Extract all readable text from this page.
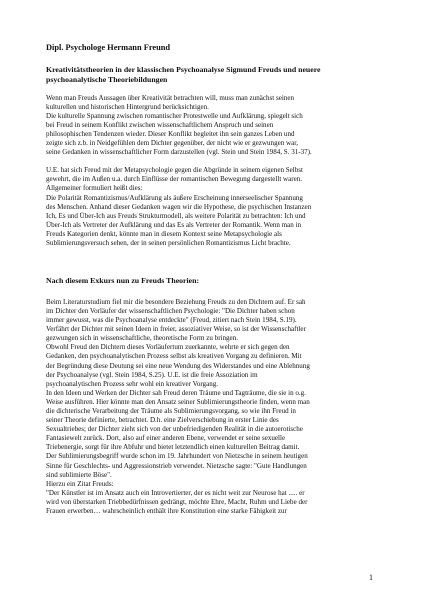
Dipl. Psychologe Hermann Freund
Kreativitätstheorien in der klassischen Psychoanalyse Sigmund Freuds und neuere
psychoanalytische Theoriebildungen
Wenn man Freuds Aussagen über Kreativität betrachten will, muss man zunächst seinen
kulturellen und historischen Hintergrund berücksichtigen.
Die kulturelle Spannung zwischen romantischer Protestwelle und Aufklärung, spiegelt sich
bei Freud in seinem Konflikt zwischen wissenschaftlichem Anspruch und seinen
philosophischen Tendenzen wieder. Dieser Konflikt begleitet ihn sein ganzes Leben und
zeigte sich z.b. in Neidgefühlen dem Dichter gegenüber, der nicht wie er gezwungen war,
seine Gedanken in wissenschaftlicher Form darzustellen (vgl. Stein und Stein 1984, S. 31-37).
U.E. hat sich Freud mit der Metapsychologie gegen die Abgründe in seinem eigenen Selbst
gewehrt, die im Außen u.a. durch Einflüsse der romantischen Bewegung dargestellt waren.
Allgemeiner formuliert heißt dies:
Die Polarität Romantizismus/Aufklärung als äußere Erscheinung innerseelischer Spannung
des Menschen. Anhand dieser Gedanken wagen wir die Hypothese, die psychischen Instanzen
Ich, Es und Über-Ich aus Freuds Strukturmodell, als weitere Polarität zu betrachten: Ich und
Über-Ich als Vertreter der Aufklärung und das Es als Vertreter der Romantik. Wenn man in
Freuds Kategorien denkt, könnte man in diesem Kontext seine Metapsychologie als
Sublimierungsversuch sehen, der in seinen persönlichen Romantizismus Licht brachte.
Nach diesem Exkurs nun zu Freuds Theorien:
Beim Literaturstudium fiel mir die besondere Beziehung Freuds zu den Dichtern auf. Er sah
im Dichter den Vorläufer der wissenschaftlichen Psychologie: "Die Dichter haben schon
immer gewusst, was die Psychoanalyse entdeckte" (Freud, zitiert nach Stein 1984, S.19).
Verfährt der Dichter mit seinen Ideen in freier, assoziativer Weise, so ist der Wissenschaftler
gezwungen sich in wissenschaftliche, theoretische Form zu bringen.
Obwohl Freud den Dichtern dieses Vorläufertum zuerkannte, wehrte er sich gegen den
Gedanken, den psychoanalytischen Prozess selbst als kreativen Vorgang zu definieren. Mit
der Begründung diese Deutung sei eine neue Wendung des Widerstandes und eine Ablehnung
der Psychoanalyse (vgl. Stein 1984, S.25). U.E. ist die freie Assoziation im
psychoanalytischen Prozess sehr wohl ein kreativer Vorgang.
In den Ideen und Werken der Dichter sah Freud deren Träume und Tagträume, die sie in o.g.
Weise ausführen. Hier könnte man den Ansatz seiner Sublimierungstheorie finden, wenn man
die dichterische Verarbeitung der Träume als Sublimierungsvorgang, so wie ihn Freud in
seiner Theorie definierte, betrachtet. D.h. eine Zielverschiebung in erster Linie des
Sexualtriebes; der Dichter zieht sich von der unbefriedigenden Realität in die autoerotische
Fantasiewelt zurück. Dort, also auf einer anderen Ebene, verwendet er seine sexuelle
Triebenergie, sorgt für ihre Abfuhr und bietet letztendlich einen kulturellen Beitrag damit.
Der Sublimierungsbegriff wurde schon im 19. Jahrhundert von Nietzsche in seinem heutigen
Sinne für Geschlechts- und Aggressionstrieb verwendet. Nietzsche sagte: "Gute Handlungen
sind sublimierte Böse".
Hierzu ein Zitat Freuds:
"Der Künstler ist im Ansatz auch ein Introvertierter, der es nicht weit zur Neurose hat ..... er
wird von überstarken Triebbedürfnissen gedrängt, möchte Ehre, Macht, Ruhm und Liebe der
Frauen erwerben… wahrscheinlich enthält ihre Konstitution eine starke Fähigkeit zur
1
